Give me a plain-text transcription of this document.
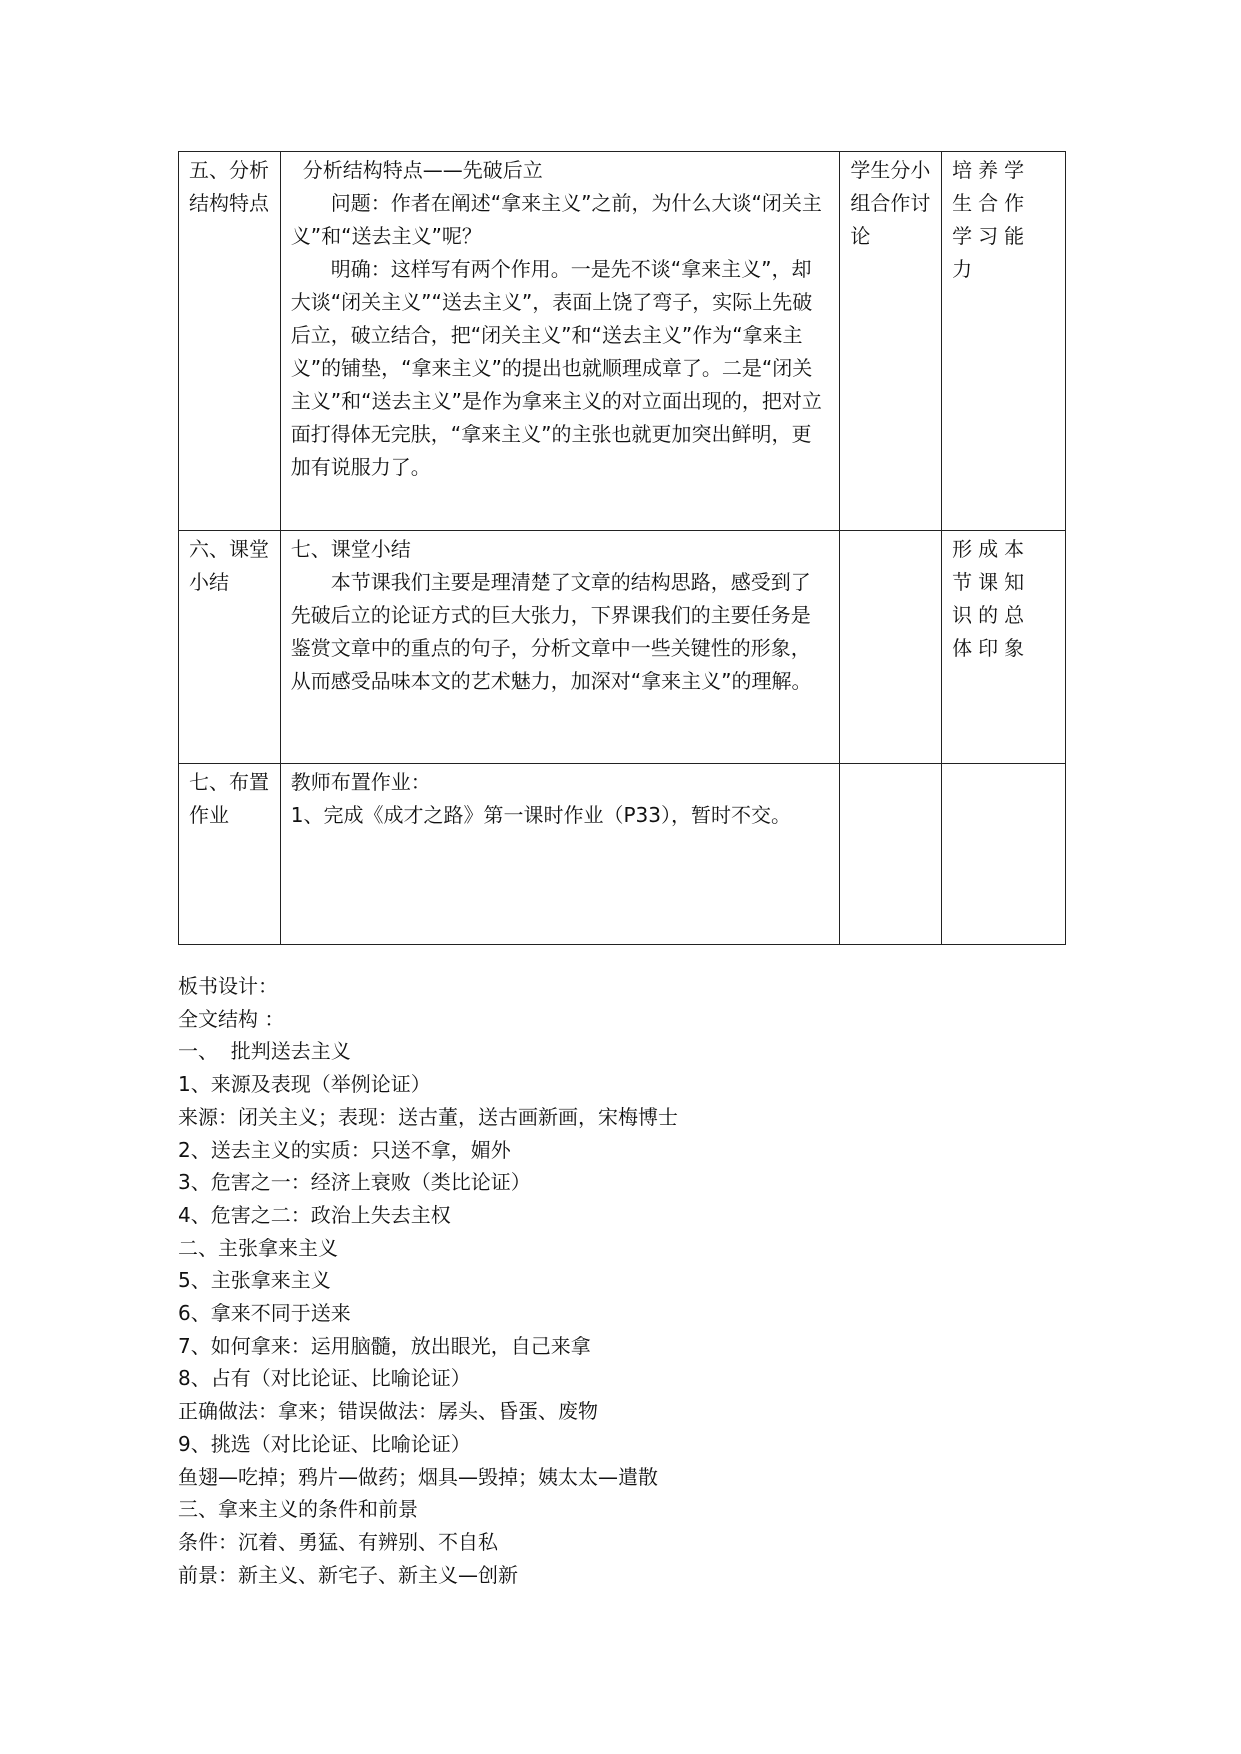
五、分析结构特点	分析结构特点——先破后立
问题：作者在阐述“拿来主义”之前，为什么大谈“闭关主义”和“送去主义”呢？
明确：这样写有两个作用。一是先不谈“拿来主义”，却大谈“闭关主义”“送去主义”，表面上饶了弯子，实际上先破后立，破立结合，把“闭关主义”和“送去主义”作为“拿来主义”的铺垫，“拿来主义”的提出也就顺理成章了。二是“闭关主义”和“送去主义”是作为拿来主义的对立面出现的，把对立面打得体无完肤，“拿来主义”的主张也就更加突出鲜明，更加有说服力了。	学生分小组合作讨论	培养学生合作学习能力

六、课堂小结	七、课堂小结
本节课我们主要是理清楚了文章的结构思路，感受到了先破后立的论证方式的巨大张力，下界课我们的主要任务是鉴赏文章中的重点的句子，分析文章中一些关键性的形象，从而感受品味本文的艺术魅力，加深对“拿来主义”的理解。		形成本节课知识的总体印象

七、布置作业	教师布置作业：
1、完成《成才之路》第一课时作业（P33），暂时不交。		

板书设计：
全文结构 ：
一、  批判送去主义
1、来源及表现（举例论证）
来源：闭关主义；表现：送古董，送古画新画，宋梅博士
2、送去主义的实质：只送不拿，媚外
3、危害之一：经济上衰败（类比论证）
4、危害之二：政治上失去主权
二、主张拿来主义
5、主张拿来主义
6、拿来不同于送来
7、如何拿来：运用脑髓，放出眼光，自己来拿
8、占有（对比论证、比喻论证）
正确做法：拿来；错误做法：孱头、昏蛋、废物
9、挑选（对比论证、比喻论证）
鱼翅—吃掉；鸦片—做药；烟具—毁掉；姨太太—遣散
三、拿来主义的条件和前景
条件：沉着、勇猛、有辨别、不自私
前景：新主义、新宅子、新主义—创新
